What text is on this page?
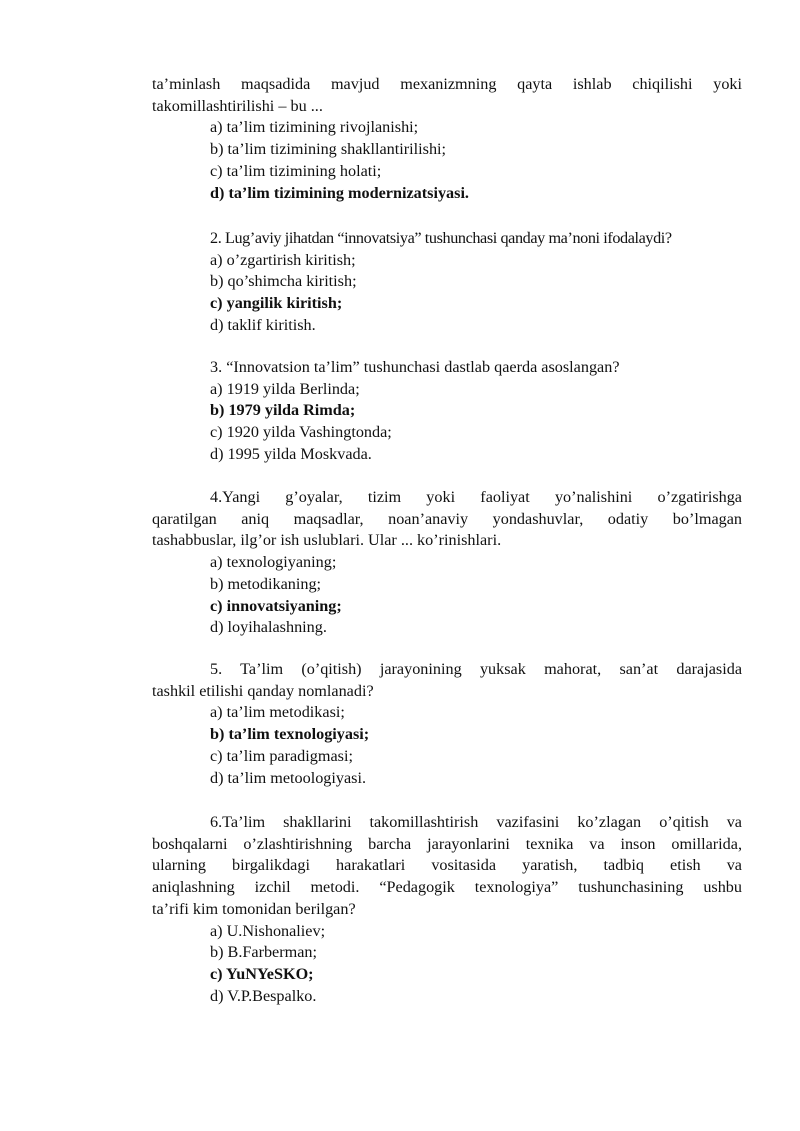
ta’minlash maqsadida mavjud mexanizmning qayta ishlab chiqilishi yoki
takomillashtirilishi – bu ...
a) ta’lim tizimining rivojlanishi;
b) ta’lim tizimining shakllantirilishi;
c) ta’lim tizimining holati;
d) ta’lim tizimining modernizatsiyasi.
2. Lug’aviy jihatdan “innovatsiya” tushunchasi qanday ma’noni ifodalaydi?
a) o’zgartirish kiritish;
b) qo’shimcha kiritish;
c) yangilik kiritish;
d) taklif kiritish.
3. “Innovatsion ta’lim” tushunchasi dastlab qaerda asoslangan?
a) 1919 yilda Berlinda;
b) 1979 yilda Rimda;
c) 1920 yilda Vashingtonda;
d) 1995 yilda Moskvada.
4.Yangi g’oyalar, tizim yoki faoliyat yo’nalishini o’zgatirishga
qaratilgan aniq maqsadlar, noan’anaviy yondashuvlar, odatiy bo’lmagan
tashabbuslar, ilg’or ish uslublari. Ular ... ko’rinishlari.
a) texnologiyaning;
b) metodikaning;
c) innovatsiyaning;
d) loyihalashning.
5. Ta’lim (o’qitish) jarayonining yuksak mahorat, san’at darajasida
tashkil etilishi qanday nomlanadi?
a) ta’lim metodikasi;
b) ta’lim texnologiyasi;
c) ta’lim paradigmasi;
d) ta’lim metoologiyasi.
6.Ta’lim shakllarini takomillashtirish vazifasini ko’zlagan o’qitish va
boshqalarni o’zlashtirishning barcha jarayonlarini texnika va inson omillarida,
ularning birgalikdagi harakatlari vositasida yaratish, tadbiq etish va
aniqlashning izchil metodi. “Pedagogik texnologiya” tushunchasining ushbu
ta’rifi kim tomonidan berilgan?
a) U.Nishonaliev;
b) B.Farberman;
c) YuNYeSKO;
d) V.P.Bespalko.
